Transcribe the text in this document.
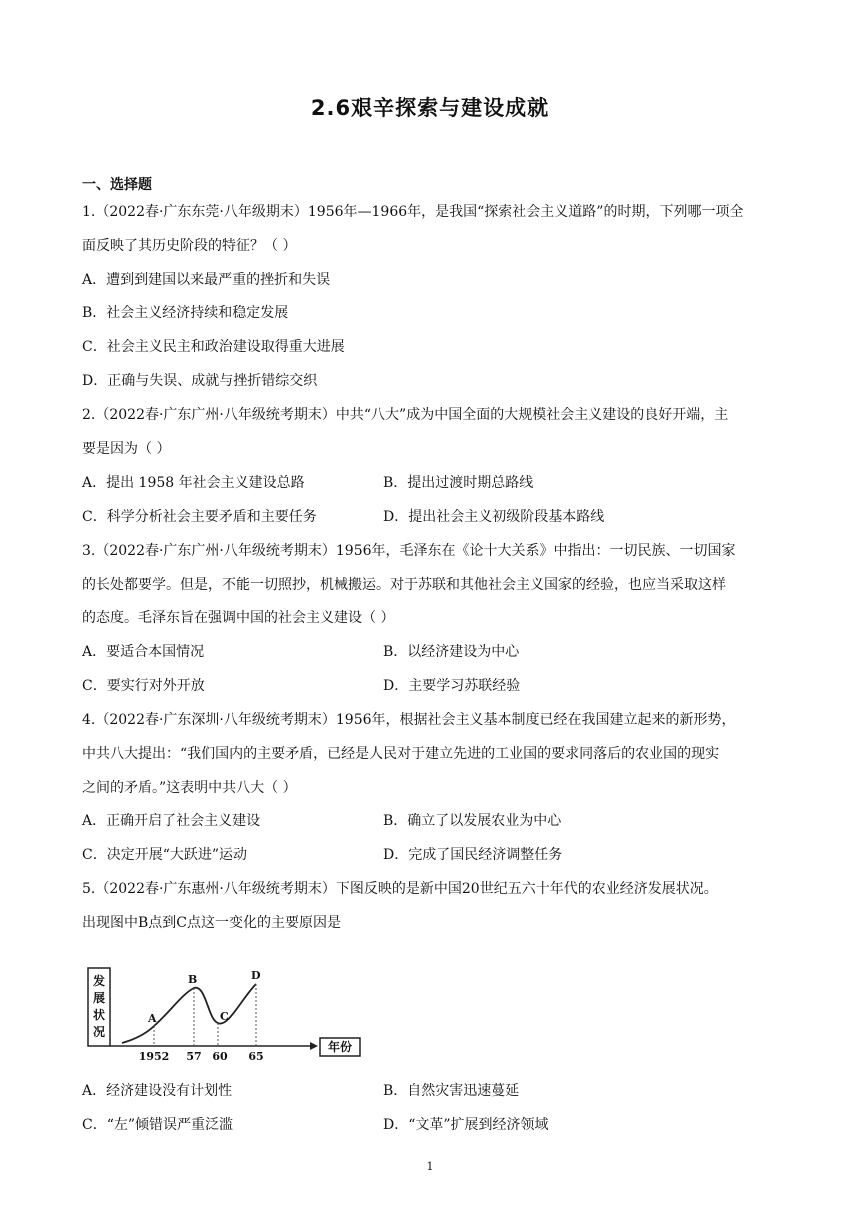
2.6艰辛探索与建设成就
一、选择题
1.（2022春·广东东莞·八年级期末）1956年—1966年，是我国“探索社会主义道路”的时期，下列哪一项全
面反映了其历史阶段的特征？（ ）
A．遭到到建国以来最严重的挫折和失误
B．社会主义经济持续和稳定发展
C．社会主义民主和政治建设取得重大进展
D．正确与失误、成就与挫折错综交织
2.（2022春·广东广州·八年级统考期末）中共“八大”成为中国全面的大规模社会主义建设的良好开端，主
要是因为（ ）
A．提出 1958 年社会主义建设总路	B．提出过渡时期总路线
C．科学分析社会主要矛盾和主要任务	D．提出社会主义初级阶段基本路线
3.（2022春·广东广州·八年级统考期末）1956年，毛泽东在《论十大关系》中指出：一切民族、一切国家
的长处都要学。但是，不能一切照抄，机械搬运。对于苏联和其他社会主义国家的经验，也应当采取这样
的态度。毛泽东旨在强调中国的社会主义建设（ ）
A．要适合本国情况	B．以经济建设为中心
C．要实行对外开放	D．主要学习苏联经验
4.（2022春·广东深圳·八年级统考期末）1956年，根据社会主义基本制度已经在我国建立起来的新形势，
中共八大提出：“我们国内的主要矛盾，已经是人民对于建立先进的工业国的要求同落后的农业国的现实
之间的矛盾。”这表明中共八大（ ）
A．正确开启了社会主义建设	B．确立了以发展农业为中心
C．决定开展“大跃进”运动	D．完成了国民经济调整任务
5.（2022春·广东惠州·八年级统考期末）下图反映的是新中国20世纪五六十年代的农业经济发展状况。
出现图中B点到C点这一变化的主要原因是
发展状况
年份
A
B
C
D
1952 57 60 65
A．经济建设没有计划性	B．自然灾害迅速蔓延
C．“左”倾错误严重泛滥	D．“文革”扩展到经济领域
1
